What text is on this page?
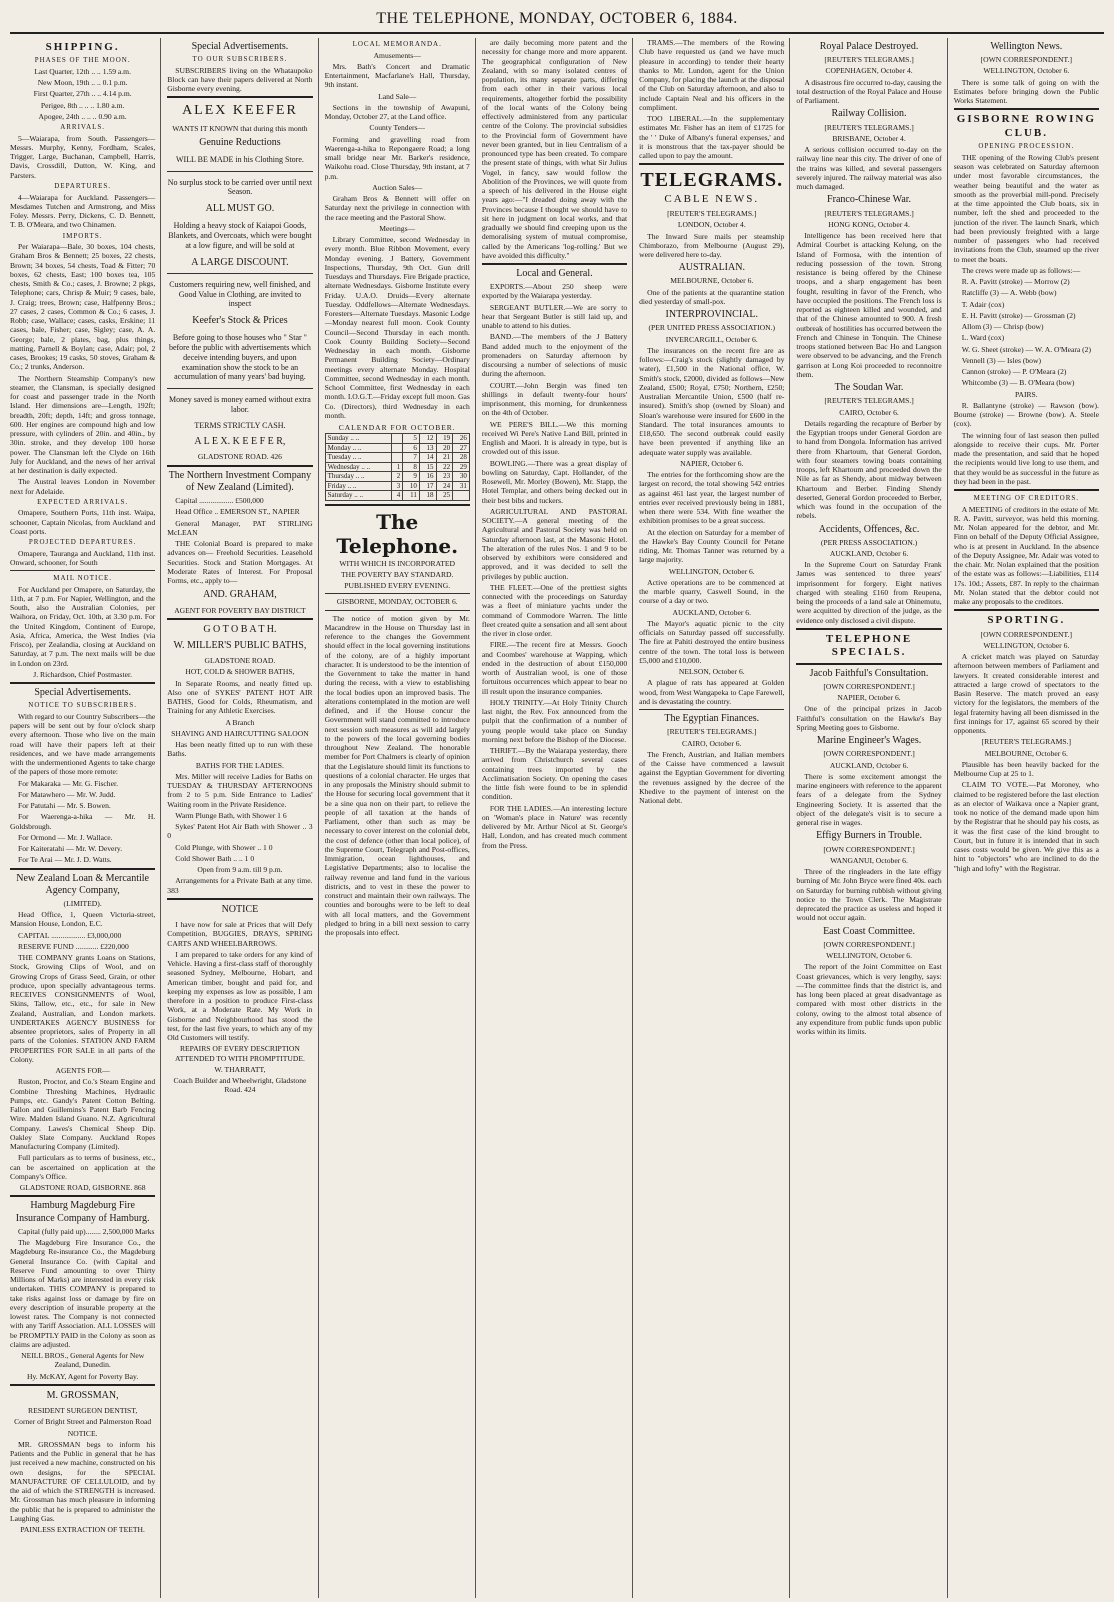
THE TELEPHONE, MONDAY, OCTOBER 6, 1884.
SHIPPING.
PHASES OF THE MOON.

Last Quarter, 12th .. .. 1.59 a.m.

New Moon, 19th .. .. 0.1 p.m.

First Quarter, 27th .. .. 4.14 p.m.

Perigee, 8th .. .. .. 1.80 a.m.

Apogee, 24th .. .. .. 0.90 a.m.

ARRIVALS.

5—Waiarapa, from South. Passengers—Messrs. Murphy, Kenny, Fordham, Scales, Trigger, Large, Buchanan, Campbell, Harris, Davis, Crossdill, Dutton, W. King, and Parsters.

DEPARTURES.

4—Waiarapa for Auckland. Passengers—Mesdames Tutchen and Armstrong, and Miss Foley. Messrs. Perry, Dickens, C. D. Bennett, T. B. O'Meara, and two Chinamen.

IMPORTS.

Per Waiarapa—Bale, 30 boxes, 104 chests, Graham Bros & Bennett; 25 boxes, 22 chests, Brown; 34 boxes, 54 chests, Toad & Fitter; 70 boxes, 62 chests, East; 100 boxes tea, 105 chests, Smith & Co.; cases, J. Browne; 2 pkgs, Telephone; cars, Chrisp & Muir; 9 cases, bale, J. Craig; trees, Brown; case, Halfpenny Bros.; 27 cases, 2 cases, Common & Co.; 6 cases, J. Robb; case, Wallace; cases, casks, Erskine; 11 cases, bale, Fisher; case, Sigley; case, A. A. George; bale, 2 plates, bag, plus things, matting, Parnell & Boylan; case, Adair; pol, 2 cases, Brookes; 19 casks, 50 stoves, Graham & Co.; 2 trunks, Anderson.

The Northern Steamship Company's new steamer, the Clansman, is specially designed for coast and passenger trade in the North Island. Her dimensions are—Length, 192ft; breadth, 20ft; depth, 14ft; and gross tonnage, 600. Her engines are compound high and low pressure, with cylinders of 20in. and 40in., by 30in. stroke, and they develop 100 horse power. The Clansman left the Clyde on 16th July for Auckland, and the news of her arrival at her destination is daily expected.

The Austral leaves London in November next for Adelaide.

EXPECTED ARRIVALS.

Omapere, Southern Ports, 11th inst. Waipa, schooner, Captain Nicolas, from Auckland and Coast ports.

PROJECTED DEPARTURES.

Omapere, Tauranga and Auckland, 11th inst. Onward, schooner, for South

MAIL NOTICE.

For Auckland per Omapere, on Saturday, the 11th, at 7 p.m. For Napier, Wellington, and the South, also the Australian Colonies, per Waihora, on Friday, Oct. 10th, at 3.30 p.m. For the United Kingdom, Continent of Europe, Asia, Africa, America, the West Indies (via Frisco), per Zealandia, closing at Auckland on Saturday, at 7 p.m. The next mails will be due in London on 23rd.

J. Richardson, Chief Postmaster.

Special Advertisements.
NOTICE TO SUBSCRIBERS.

With regard to our Country Subscribers—the papers will be sent out by four o'clock sharp every afternoon. Those who live on the main road will have their papers left at their residences, and we have made arrangements with the undermentioned Agents to take charge of the papers of those more remote:

For Makaraka — Mr. G. Fischer.

For Matawhero — Mr. W. Judd.

For Patutahi — Mr. S. Bowen.

For Waerenga-a-hika — Mr. H. Goldsbrough.

For Ormond — Mr. J. Wallace.

For Kaiteratahi — Mr. W. Devery.

For Te Arai — Mr. J. D. Watts.

New Zealand Loan & Mercantile Agency Company,

(LIMITED).

Head Office, 1, Queen Victoria-street, Mansion House, London, E.C.

CAPITAL .................. £3,000,000

RESERVE FUND ............ £220,000

THE COMPANY grants Loans on Stations, Stock, Growing Clips of Wool, and on Growing Crops of Grass Seed, Grain, or other produce, upon specially advantageous terms. RECEIVES CONSIGNMENTS of Wool, Skins, Tallow, etc., etc., for sale in New Zealand, Australian, and London markets. UNDERTAKES AGENCY BUSINESS for absentee proprietors, sales of Property in all parts of the Colonies. STATION AND FARM PROPERTIES FOR SALE in all parts of the Colony.

AGENTS FOR—

Ruston, Proctor, and Co.'s Steam Engine and Combine Threshing Machines, Hydraulic Pumps, etc. Gandy's Patent Cotton Belting. Fallon and Guillemins's Patent Barb Fencing Wire. Malden Island Guano. N.Z. Agricultural Company. Lawes's Chemical Sheep Dip. Oakley Slate Company. Auckland Ropes Manufacturing Company (Limited).

Full particulars as to terms of business, etc., can be ascertained on application at the Company's Office.

GLADSTONE ROAD, GISBORNE. 868

Hamburg Magdeburg Fire Insurance Company of Hamburg.

Capital (fully paid up)........ 2,500,000 Marks

The Magdeburg Fire Insurance Co., the Magdeburg Re-insurance Co., the Magdeburg General Insurance Co. (with Capital and Reserve Fund amounting to over Thirty Millions of Marks) are interested in every risk undertaken. THIS COMPANY is prepared to take risks against loss or damage by fire on every description of insurable property at the lowest rates. The Company is not connected with any Tariff Association. ALL LOSSES will be PROMPTLY PAID in the Colony as soon as claims are adjusted.

NEILL BROS., General Agents for New Zealand, Dunedin.

Hy. McKAY, Agent for Poverty Bay.

M. GROSSMAN,

RESIDENT SURGEON DENTIST,

Corner of Bright Street and Palmerston Road

NOTICE.

MR. GROSSMAN begs to inform his Patients and the Public in general that he has just received a new machine, constructed on his own designs, for the SPECIAL MANUFACTURE OF CELLULOID, and by the aid of which the STRENGTH is increased. Mr. Grossman has much pleasure in informing the public that he is prepared to administer the Laughing Gas.

PAINLESS EXTRACTION OF TEETH.

Special Advertisements.
TO OUR SUBSCRIBERS.

SUBSCRIBERS living on the Whataupoko Block can have their papers delivered at North Gisborne every evening.

ALEX KEEFER

WANTS IT KNOWN that during this month

Genuine Reductions

WILL BE MADE in his Clothing Store.

No surplus stock to be carried over until next Season.

ALL MUST GO.

Holding a heavy stock of Kaiapoi Goods, Blankets, and Overcoats, which were bought at a low figure, and will be sold at

A LARGE DISCOUNT.

Customers requiring new, well finished, and Good Value in Clothing, are invited to inspect

Keefer's Stock & Prices

Before going to those houses who " Star " before the public with advertisements which deceive intending buyers, and upon examination show the stock to be an accumulation of many years' bad buying.

Money saved is money earned without extra labor.

TERMS STRICTLY CASH.

A L E X. K E E F E R,

GLADSTONE ROAD. 426

The Northern Investment Company of New Zealand (Limited).

Capital .................. £500,000

Head Office .. EMERSON ST., NAPIER

General Manager, PAT STIRLING McLEAN

THE Colonial Board is prepared to make advances on— Freehold Securities. Leasehold Securities. Stock and Station Mortgages. At Moderate Rates of Interest. For Proposal Forms, etc., apply to—

AND. GRAHAM,

AGENT FOR POVERTY BAY DISTRICT

G O T O B A T H.
W. MILLER'S PUBLIC BATHS,

GLADSTONE ROAD.

HOT, COLD & SHOWER BATHS,

In Separate Rooms, and neatly fitted up. Also one of SYKES' PATENT HOT AIR BATHS, Good for Colds, Rheumatism, and Training for any Athletic Exercises.

A Branch

SHAVING AND HAIRCUTTING SALOON

Has been neatly fitted up to run with these Baths.

BATHS FOR THE LADIES.

Mrs. Miller will receive Ladies for Baths on TUESDAY & THURSDAY AFTERNOONS from 2 to 5 p.m. Side Entrance to Ladies' Waiting room in the Private Residence.

Warm Plunge Bath, with Shower 1 6

Sykes' Patent Hot Air Bath with Shower .. 3 0

Cold Plunge, with Shower .. 1 0

Cold Shower Bath .. .. 1 0

Open from 9 a.m. till 9 p.m.

Arrangements for a Private Bath at any time. 383

NOTICE

I have now for sale at Prices that will Defy Competition, BUGGIES, DRAYS, SPRING CARTS AND WHEELBARROWS.

I am prepared to take orders for any kind of Vehicle. Having a first-class staff of thoroughly seasoned Sydney, Melbourne, Hobart, and American timber, bought and paid for, and keeping my expenses as low as possible, I am therefore in a position to produce First-class Work, at a Moderate Rate. My Work in Gisborne and Neighbourhood has stood the test, for the last five years, to which any of my Old Customers will testify.

REPAIRS OF EVERY DESCRIPTION ATTENDED TO WITH PROMPTITUDE.

W. THARRATT,

Coach Builder and Wheelwright, Gladstone Road. 424

LOCAL MEMORANDA.

Amusements—

Mrs. Bath's Concert and Dramatic Entertainment, Macfarlane's Hall, Thursday, 9th instant.

Land Sale—

Sections in the township of Awapuni, Monday, October 27, at the Land office.

County Tenders—

Forming and gravelling road from Waerenga-a-hika to Repongaere Road; a long small bridge near Mr. Barker's residence, Waikohu road. Close Thursday, 9th instant, at 7 p.m.

Auction Sales—

Graham Bros & Bennett will offer on Saturday next the privilege in connection with the race meeting and the Pastoral Show.

Meetings—

Library Committee, second Wednesday in every month. Blue Ribbon Movement, every Monday evening. J Battery, Government Inspections, Thursday, 9th Oct. Gun drill Tuesdays and Thursdays. Fire Brigade practice, alternate Wednesdays. Gisborne Institute every Friday. U.A.O. Druids—Every alternate Tuesday. Oddfellows—Alternate Wednesdays. Foresters—Alternate Tuesdays. Masonic Lodge—Monday nearest full moon. Cook County Council—Second Thursday in each month. Cook County Building Society—Second Wednesday in each month. Gisborne Permanent Building Society—Ordinary meetings every alternate Monday. Hospital Committee, second Wednesday in each month. School Committee, first Wednesday in each month. I.O.G.T.—Friday except full moon. Gas Co. (Directors), third Wednesday in each month.

CALENDAR FOR OCTOBER.
Sunday .. ..		5	12	19	26
Monday .. ..		6	13	20	27
Tuesday .. ..		7	14	21	28
Wednesday .. ..	1	8	15	22	29
Thursday .. ..	2	9	16	23	30
Friday .. ..	3	10	17	24	31
Saturday .. ..	4	11	18	25	
The Telephone.

WITH WHICH IS INCORPORATED

THE POVERTY BAY STANDARD.

PUBLISHED EVERY EVENING.

GISBORNE, MONDAY, OCTOBER 6.

The notice of motion given by Mr. Macandrew in the House on Thursday last in reference to the changes the Government should effect in the local governing institutions of the colony, are of a highly important character. It is understood to be the intention of the Government to take the matter in hand during the recess, with a view to establishing the local bodies upon an improved basis. The alterations contemplated in the motion are well defined, and if the House concur the Government will stand committed to introduce next session such measures as will add largely to the powers of the local governing bodies throughout New Zealand. The honorable member for Port Chalmers is clearly of opinion that the Legislature should limit its functions to questions of a colonial character. He urges that in any proposals the Ministry should submit to the House for securing local government that it be a sine qua non on their part, to relieve the people of all taxation at the hands of Parliament, other than such as may be necessary to cover interest on the colonial debt, the cost of defence (other than local police), of the Supreme Court, Telegraph and Post-offices, Immigration, ocean lighthouses, and Legislative Departments; also to localise the railway revenue and land fund in the various districts, and to vest in these the power to construct and maintain their own railways. The counties and boroughs were to be left to deal with all local matters, and the Government pledged to bring in a bill next session to carry the proposals into effect.

are daily becoming more patent and the necessity for change more and more apparent. The geographical configuration of New Zealand, with so many isolated centres of population, its many separate parts, differing from each other in their various local requirements, altogether forbid the possibility of the local wants of the Colony being effectively administered from any particular centre of the Colony. The provincial subsidies to the Provincial form of Government have never been granted, but in lieu Centralism of a pronounced type has been created. To compare the present state of things, with what Sir Julius Vogel, in fancy, saw would follow the Abolition of the Provinces, we will quote from a speech of his delivered in the House eight years ago:—"I dreaded doing away with the Provinces because I thought we should have to sit here in judgment on local works, and that gradually we should find creeping upon us the demoralising system of mutual compromise, called by the Americans 'log-rolling.' But we have avoided this difficulty."

Local and General.

EXPORTS.—About 250 sheep were exported by the Waiarapa yesterday.

SERGEANT BUTLER.—We are sorry to hear that Sergeant Butler is still laid up, and unable to attend to his duties.

BAND.—The members of the J Battery Band added much to the enjoyment of the promenaders on Saturday afternoon by discoursing a number of selections of music during the afternoon.

COURT.—John Bergin was fined ten shillings in default twenty-four hours' imprisonment, this morning, for drunkenness on the 4th of October.

WE PERE'S BILL.—We this morning received Wi Pere's Native Land Bill, printed in English and Maori. It is already in type, but is crowded out of this issue.

BOWLING.—There was a great display of bowling on Saturday, Capt. Hollander, of the Rosewell, Mr. Morley (Bowen), Mr. Stapp, the Hotel Templar, and others being decked out in their best bibs and tuckers.

AGRICULTURAL AND PASTORAL SOCIETY.—A general meeting of the Agricultural and Pastoral Society was held on Saturday afternoon last, at the Masonic Hotel. The alteration of the rules Nos. 1 and 9 to be observed by exhibitors were considered and approved, and it was decided to sell the privileges by public auction.

THE FLEET.—One of the prettiest sights connected with the proceedings on Saturday was a fleet of miniature yachts under the command of Commodore Warren. The little fleet created quite a sensation and all sent about the river in close order.

FIRE.—The recent fire at Messrs. Gooch and Coombes' warehouse at Wapping, which ended in the destruction of about £150,000 worth of Australian wool, is one of those fortuitous occurrences which appear to bear no ill result upon the insurance companies.

HOLY TRINITY.—At Holy Trinity Church last night, the Rev. Fox announced from the pulpit that the confirmation of a number of young people would take place on Sunday morning next before the Bishop of the Diocese.

THRIFT.—By the Waiarapa yesterday, there arrived from Christchurch several cases containing trees imported by the Acclimatisation Society. On opening the cases the little fish were found to be in splendid condition.

FOR THE LADIES.—An interesting lecture on 'Woman's place in Nature' was recently delivered by Mr. Arthur Nicol at St. George's Hall, London, and has created much comment from the Press.

TRAMS.—The members of the Rowing Club have requested us (and we have much pleasure in according) to tender their hearty thanks to Mr. Lundon, agent for the Union Company, for placing the launch at the disposal of the Club on Saturday afternoon, and also to include Captain Neal and his officers in the compliment.

TOO LIBERAL.—In the supplementary estimates Mr. Fisher has an item of £1725 for the ' ' Duke of Albany's funeral expenses,' and it is monstrous that the tax-payer should be called upon to pay the amount.

TELEGRAMS.
CABLE NEWS.

[REUTER'S TELEGRAMS.]

LONDON, October 4.

The Inward Sure mails per steamship Chimborazo, from Melbourne (August 29), were delivered here to-day.

AUSTRALIAN.

MELBOURNE, October 6.

One of the patients at the quarantine station died yesterday of small-pox.

INTERPROVINCIAL.

(PER UNITED PRESS ASSOCIATION.)

INVERCARGILL, October 6.

The insurances on the recent fire are as follows:—Craig's stock (slightly damaged by water), £1,500 in the National office, W. Smith's stock, £2000, divided as follows—New Zealand, £500; Royal, £750; Northern, £250; Australian Mercantile Union, £500 (half re-insured). Smith's shop (owned by Sloan) and Sloan's warehouse were insured for £600 in the Standard. The total insurances amounts to £18,650. The second outbreak could easily have been prevented if anything like an adequate water supply was available.

NAPIER, October 6.

The entries for the forthcoming show are the largest on record, the total showing 542 entries as against 461 last year, the largest number of entries ever received previously being in 1881, when there were 534. With fine weather the exhibition promises to be a great success.

At the election on Saturday for a member of the Hawke's Bay County Council for Petane riding, Mr. Thomas Tanner was returned by a large majority.

WELLINGTON, October 6.

Active operations are to be commenced at the marble quarry, Caswell Sound, in the course of a day or two.

AUCKLAND, October 6.

The Mayor's aquatic picnic to the city officials on Saturday passed off successfully. The fire at Pahiti destroyed the entire business centre of the town. The total loss is between £5,000 and £10,000.

NELSON, October 6.

A plague of rats has appeared at Golden wood, from West Wangapeka to Cape Farewell, and is devastating the country.

The Egyptian Finances.

[REUTER'S TELEGRAMS.]

CAIRO, October 6.

The French, Austrian, and Italian members of the Caisse have commenced a lawsuit against the Egyptian Government for diverting the revenues assigned by the decree of the Khedive to the payment of interest on the National debt.

Royal Palace Destroyed.

[REUTER'S TELEGRAMS.]

COPENHAGEN, October 4.

A disastrous fire occurred to-day, causing the total destruction of the Royal Palace and House of Parliament.

Railway Collision.

[REUTER'S TELEGRAMS.]

BRISBANE, October 4.

A serious collision occurred to-day on the railway line near this city. The driver of one of the trains was killed, and several passengers severely injured. The railway material was also much damaged.

Franco-Chinese War.

[REUTER'S TELEGRAMS.]

HONG KONG, October 4.

Intelligence has been received here that Admiral Courbet is attacking Kelung, on the Island of Formosa, with the intention of reducing possession of the town. Strong resistance is being offered by the Chinese troops, and a sharp engagement has been fought, resulting in favor of the French, who have occupied the positions. The French loss is reported as eighteen killed and wounded, and that of the Chinese amounted to 900. A fresh outbreak of hostilities has occurred between the French and Chinese in Tonquin. The Chinese troops stationed between Bac Ho and Langson were observed to be advancing, and the French garrison at Long Koi proceeded to reconnoitre them.

The Soudan War.

[REUTER'S TELEGRAMS.]

CAIRO, October 6.

Details regarding the recapture of Berber by the Egyptian troops under General Gordon are to hand from Dongola. Information has arrived there from Khartoum, that General Gordon, with four steamers towing boats containing troops, left Khartoum and proceeded down the Nile as far as Shendy, about midway between Khartoum and Berber. Finding Shendy deserted, General Gordon proceeded to Berber, which was found in the occupation of the rebels.

Accidents, Offences, &c.

(PER PRESS ASSOCIATION.)

AUCKLAND, October 6.

In the Supreme Court on Saturday Frank James was sentenced to three years' imprisonment for forgery. Eight natives charged with stealing £160 from Reupena, being the proceeds of a land sale at Ohinemutu, were acquitted by direction of the judge, as the evidence only disclosed a civil dispute.

TELEPHONE SPECIALS.
Jacob Faithful's Consultation.

[OWN CORRESPONDENT.]

NAPIER, October 6.

One of the principal prizes in Jacob Faithful's consultation on the Hawke's Bay Spring Meeting goes to Gisborne.

Marine Engineer's Wages.

[OWN CORRESPONDENT.]

AUCKLAND, October 6.

There is some excitement amongst the marine engineers with reference to the apparent fears of a delegate from the Sydney Engineering Society. It is asserted that the object of the delegate's visit is to secure a general rise in wages.

Effigy Burners in Trouble.

[OWN CORRESPONDENT.]

WANGANUI, October 6.

Three of the ringleaders in the late effigy burning of Mr. John Bryce were fined 40s. each on Saturday for burning rubbish without giving notice to the Town Clerk. The Magistrate deprecated the practice as useless and hoped it would not occur again.

East Coast Committee.

[OWN CORRESPONDENT.]

WELLINGTON, October 6.

The report of the Joint Committee on East Coast grievances, which is very lengthy, says:—The committee finds that the district is, and has long been placed at great disadvantage as compared with most other districts in the colony, owing to the almost total absence of any expenditure from public funds upon public works within its limits.

Wellington News.

[OWN CORRESPONDENT.]

WELLINGTON, October 6.

There is some talk of going on with the Estimates before bringing down the Public Works Statement.

GISBORNE ROWING CLUB.
OPENING PROCESSION.

THE opening of the Rowing Club's present season was celebrated on Saturday afternoon under most favorable circumstances, the weather being beautiful and the water as smooth as the proverbial mill-pond. Precisely at the time appointed the Club boats, six in number, left the shed and proceeded to the junction of the river. The launch Snark, which had been previously freighted with a large number of passengers who had received invitations from the Club, steamed up the river to meet the boats.

The crews were made up as follows:—

R. A. Pavitt (stroke) — Morrow (2)

Ratcliffe (3) — A. Webb (bow)

T. Adair (cox)

E. H. Pavitt (stroke) — Grossman (2)

Allom (3) — Chrisp (bow)

L. Ward (cox)

W. G. Sheet (stroke) — W. A. O'Meara (2)

Vennell (3) — Isles (bow)

Cannon (stroke) — P. O'Meara (2)

Whitcombe (3) — B. O'Meara (bow)

PAIRS.

R. Ballantyne (stroke) — Rawson (bow). Bourne (stroke) — Browne (bow). A. Steele (cox).

The winning four of last season then pulled alongside to receive their cups. Mr. Porter made the presentation, and said that he hoped the recipients would live long to use them, and that they would be as successful in the future as they had been in the past.

MEETING OF CREDITORS.

A MEETING of creditors in the estate of Mr. R. A. Pavitt, surveyor, was held this morning. Mr. Nolan appeared for the debtor, and Mr. Finn on behalf of the Deputy Official Assignee, who is at present in Auckland. In the absence of the Deputy Assignee, Mr. Adair was voted to the chair. Mr. Nolan explained that the position of the estate was as follows:—Liabilities, £114 17s. 10d.; Assets, £87. In reply to the chairman Mr. Nolan stated that the debtor could not make any proposals to the creditors.

SPORTING.

[OWN CORRESPONDENT.]

WELLINGTON, October 6.

A cricket match was played on Saturday afternoon between members of Parliament and lawyers. It created considerable interest and attracted a large crowd of spectators to the Basin Reserve. The match proved an easy victory for the legislators, the members of the legal fraternity having all been dismissed in the first innings for 17, against 65 scored by their opponents.

[REUTER'S TELEGRAMS.]

MELBOURNE, October 6.

Plausible has been heavily backed for the Melbourne Cup at 25 to 1.

CLAIM TO VOTE.—Pat Moroney, who claimed to be registered before the last election as an elector of Waikava once a Napier grant, took no notice of the demand made upon him by the Registrar that he should pay his costs, as it was the first case of the kind brought to Court, but in future it is intended that in such cases costs would be given. We give this as a hint to "objectors" who are inclined to do the "high and lofty" with the Registrar.
